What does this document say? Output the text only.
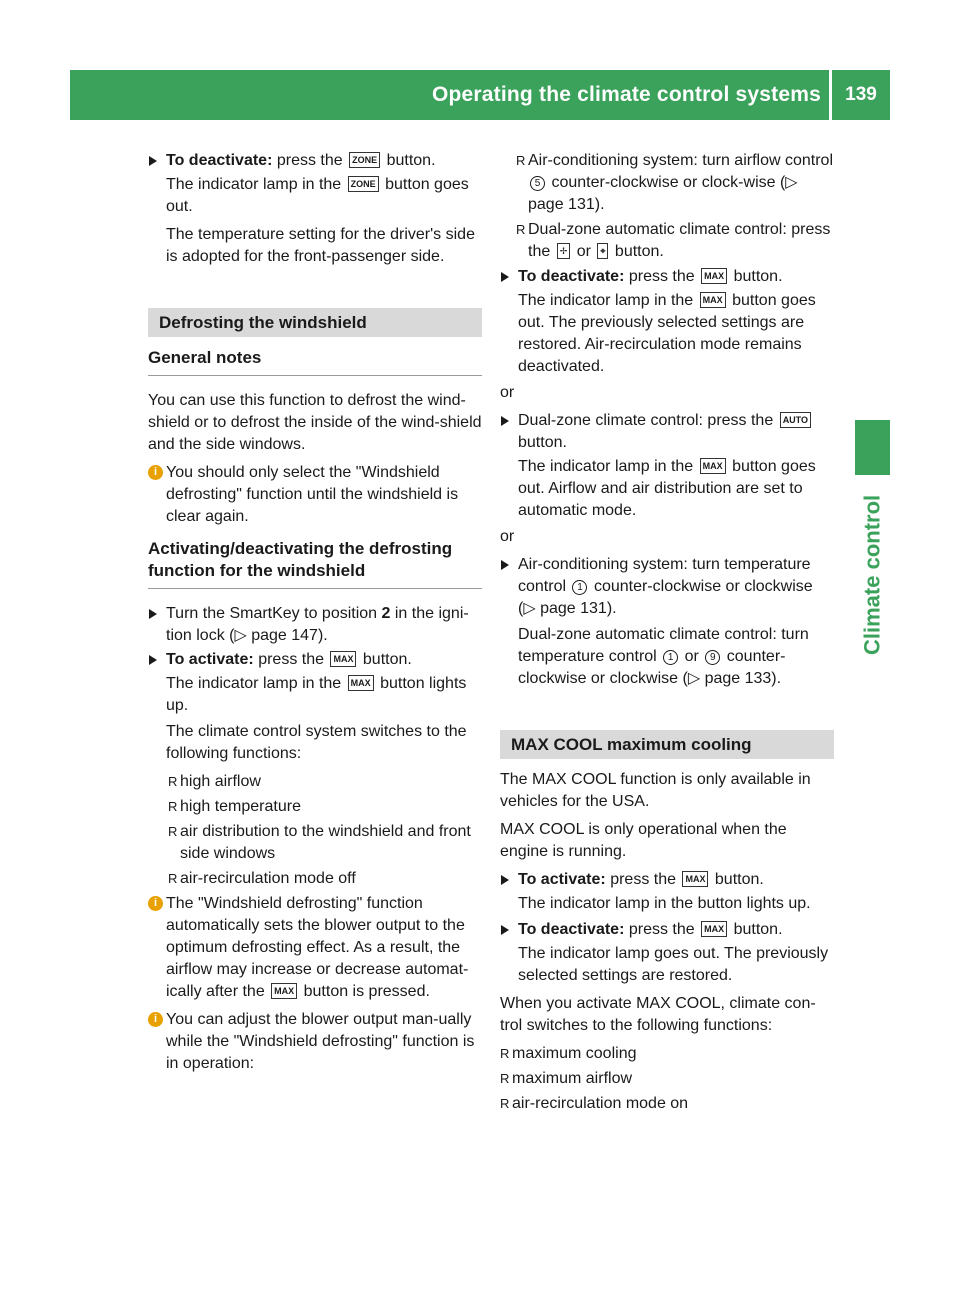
Operating the climate control systems	139
Climate control
To deactivate: press the ZONE button.
The indicator lamp in the ZONE button goes out.

The temperature setting for the driver's side is adopted for the front-passenger side.

Defrosting the windshield
General notes

You can use this function to defrost the wind-shield or to defrost the inside of the wind-shield and the side windows.

i You should only select the "Windshield defrosting" function until the windshield is clear again.
Activating/deactivating the defrosting function for the windshield
Turn the SmartKey to position 2 in the igni-tion lock (▷ page 147).
To activate: press the MAX button.
The indicator lamp in the MAX button lights up.

The climate control system switches to the following functions:

R high airflow
R high temperature
R air distribution to the windshield and front side windows
R air-recirculation mode off
i The "Windshield defrosting" function automatically sets the blower output to the optimum defrosting effect. As a result, the airflow may increase or decrease automat-ically after the MAX button is pressed.
i You can adjust the blower output man-ually while the "Windshield defrosting" function is in operation:
R Air-conditioning system: turn airflow control 5 counter-clockwise or clock-wise (▷ page 131).
R Dual-zone automatic climate control: press the ✢ or ⌖ button.
To deactivate: press the MAX button.
The indicator lamp in the MAX button goes out. The previously selected settings are restored. Air-recirculation mode remains deactivated.

or

Dual-zone climate control: press the AUTO button.
The indicator lamp in the MAX button goes out. Airflow and air distribution are set to automatic mode.

or

Air-conditioning system: turn temperature control 1 counter-clockwise or clockwise (▷ page 131).
Dual-zone automatic climate control: turn temperature control 1 or 9 counter-clockwise or clockwise (▷ page 133).
MAX COOL maximum cooling

The MAX COOL function is only available in vehicles for the USA.

MAX COOL is only operational when the engine is running.

To activate: press the MAX button.
The indicator lamp in the button lights up.
To deactivate: press the MAX button.
The indicator lamp goes out. The previously selected settings are restored.

When you activate MAX COOL, climate con-trol switches to the following functions:

R maximum cooling
R maximum airflow
R air-recirculation mode on
